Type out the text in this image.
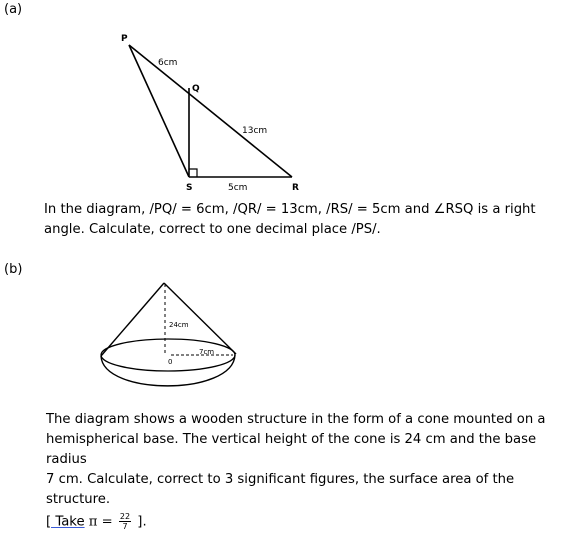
(a)
P
Q
S	R
6cm
13cm
5cm
In the diagram, /PQ/ = 6cm, /QR/ = 13cm, /RS/ = 5cm and ∠RSQ is a right
angle. Calculate, correct to one decimal place /PS/.
(b)
24cm
7cm
0
The diagram shows a wooden structure in the form of a cone mounted on a
hemispherical base. The vertical height of the cone is 24 cm and the base radius
7 cm. Calculate, correct to 3 significant figures, the surface area of the
structure.
[ Take $\pi = \frac{22}{7}$ ].
